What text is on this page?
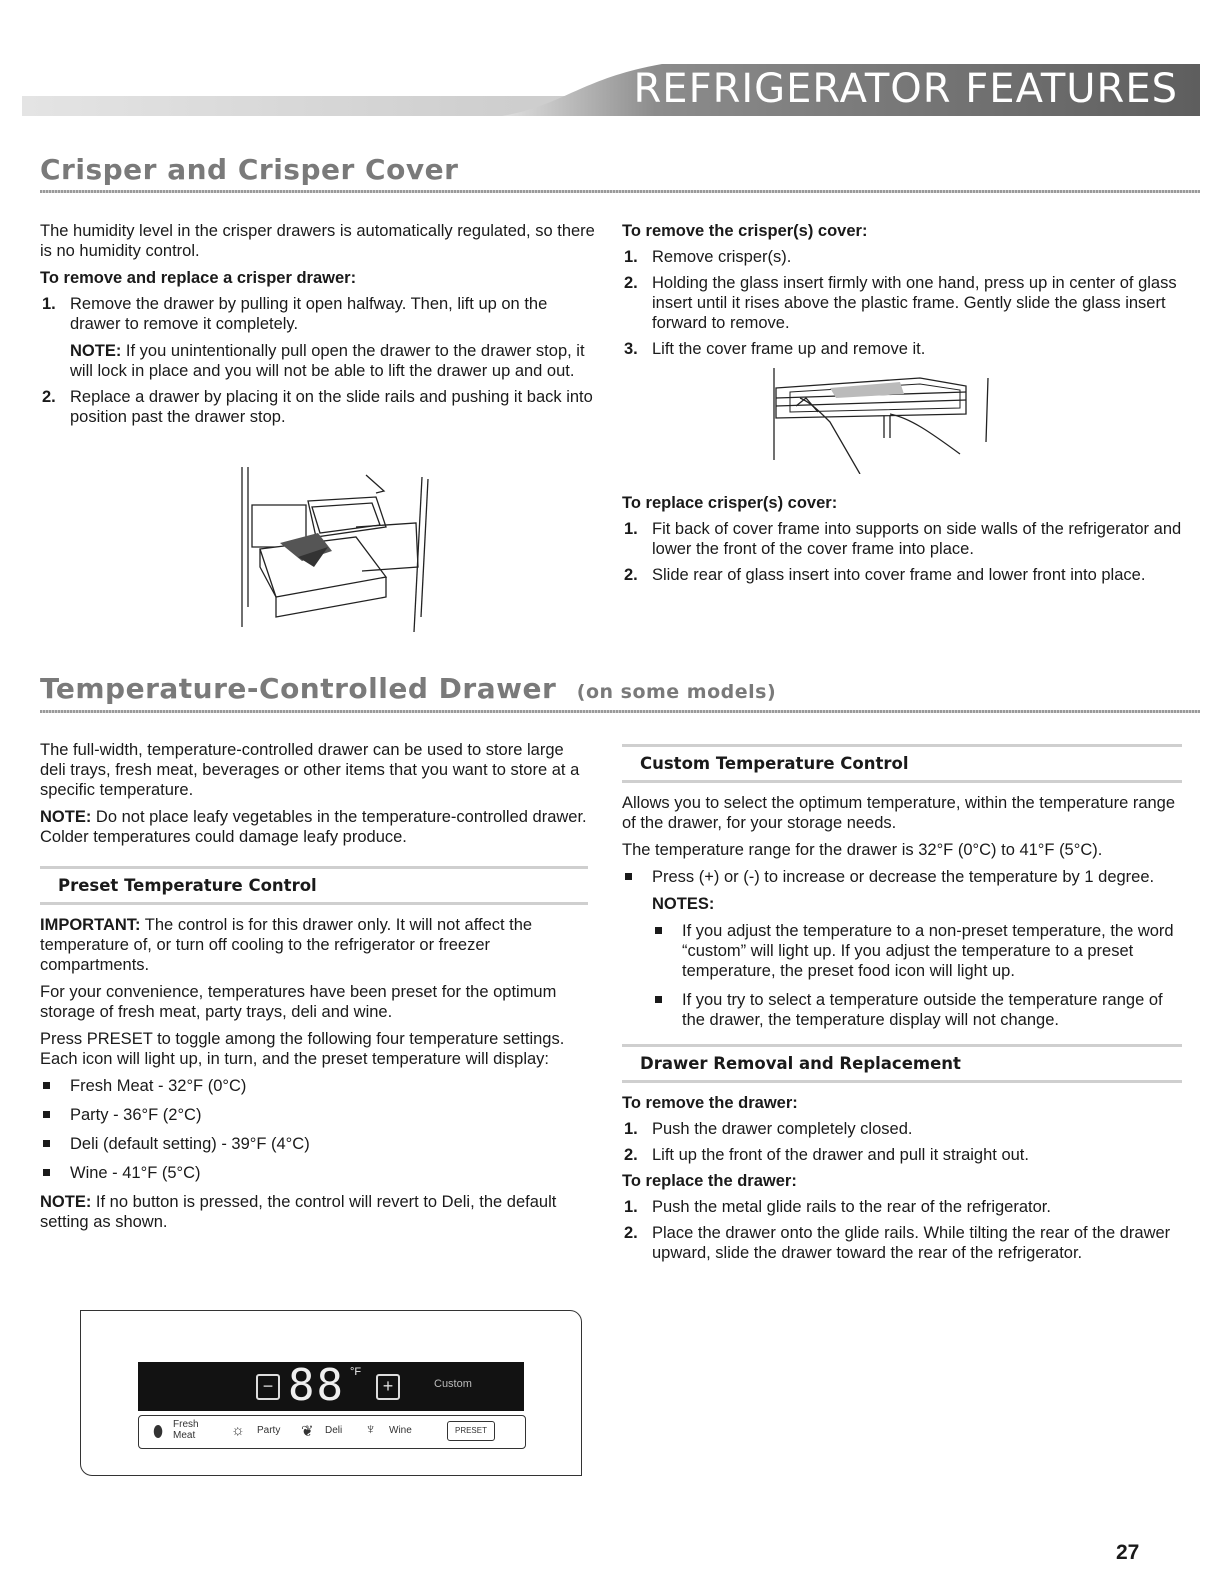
REFRIGERATOR FEATURES
Crisper and Crisper Cover

The humidity level in the crisper drawers is automatically regulated, so there is no humidity control.

To remove and replace a crisper drawer:

1. Remove the drawer by pulling it open halfway. Then, lift up on the drawer to remove it completely.
NOTE: If you unintentionally pull open the drawer to the drawer stop, it will lock in place and you will not be able to lift the drawer up and out.
2. Replace a drawer by placing it on the slide rails and pushing it back into position past the drawer stop.

To remove the crisper(s) cover:

1. Remove crisper(s).
2. Holding the glass insert firmly with one hand, press up in center of glass insert until it rises above the plastic frame. Gently slide the glass insert forward to remove.
3. Lift the cover frame up and remove it.

To replace crisper(s) cover:

1. Fit back of cover frame into supports on side walls of the refrigerator and lower the front of the cover frame into place.
2. Slide rear of glass insert into cover frame and lower front into place.
Temperature-Controlled Drawer (on some models)

The full-width, temperature-controlled drawer can be used to store large deli trays, fresh meat, beverages or other items that you want to store at a specific temperature.

NOTE: Do not place leafy vegetables in the temperature-controlled drawer. Colder temperatures could damage leafy produce.

Preset Temperature Control

IMPORTANT: The control is for this drawer only. It will not affect the temperature of, or turn off cooling to the refrigerator or freezer compartments.

For your convenience, temperatures have been preset for the optimum storage of fresh meat, party trays, deli and wine.

Press PRESET to toggle among the following four temperature settings. Each icon will light up, in turn, and the preset temperature will display:

Fresh Meat - 32°F (0°C)
Party - 36°F (2°C)
Deli (default setting) - 39°F (4°C)
Wine - 41°F (5°C)

NOTE: If no button is pressed, the control will revert to Deli, the default setting as shown.

− 88 °F
+	Custom
⬮ Fresh
Meat ☼ Party ❦ Deli ♆ Wine	PRESET
Custom Temperature Control

Allows you to select the optimum temperature, within the temperature range of the drawer, for your storage needs.

The temperature range for the drawer is 32°F (0°C) to 41°F (5°C).

Press (+) or (-) to increase or decrease the temperature by 1 degree.
NOTES:
If you adjust the temperature to a non-preset temperature, the word “custom” will light up. If you adjust the temperature to a preset temperature, the preset food icon will light up.
If you try to select a temperature outside the temperature range of the drawer, the temperature display will not change.
Drawer Removal and Replacement

To remove the drawer:

1. Push the drawer completely closed.
2. Lift up the front of the drawer and pull it straight out.

To replace the drawer:

1. Push the metal glide rails to the rear of the refrigerator.
2. Place the drawer onto the glide rails. While tilting the rear of the drawer upward, slide the drawer toward the rear of the refrigerator.
27
